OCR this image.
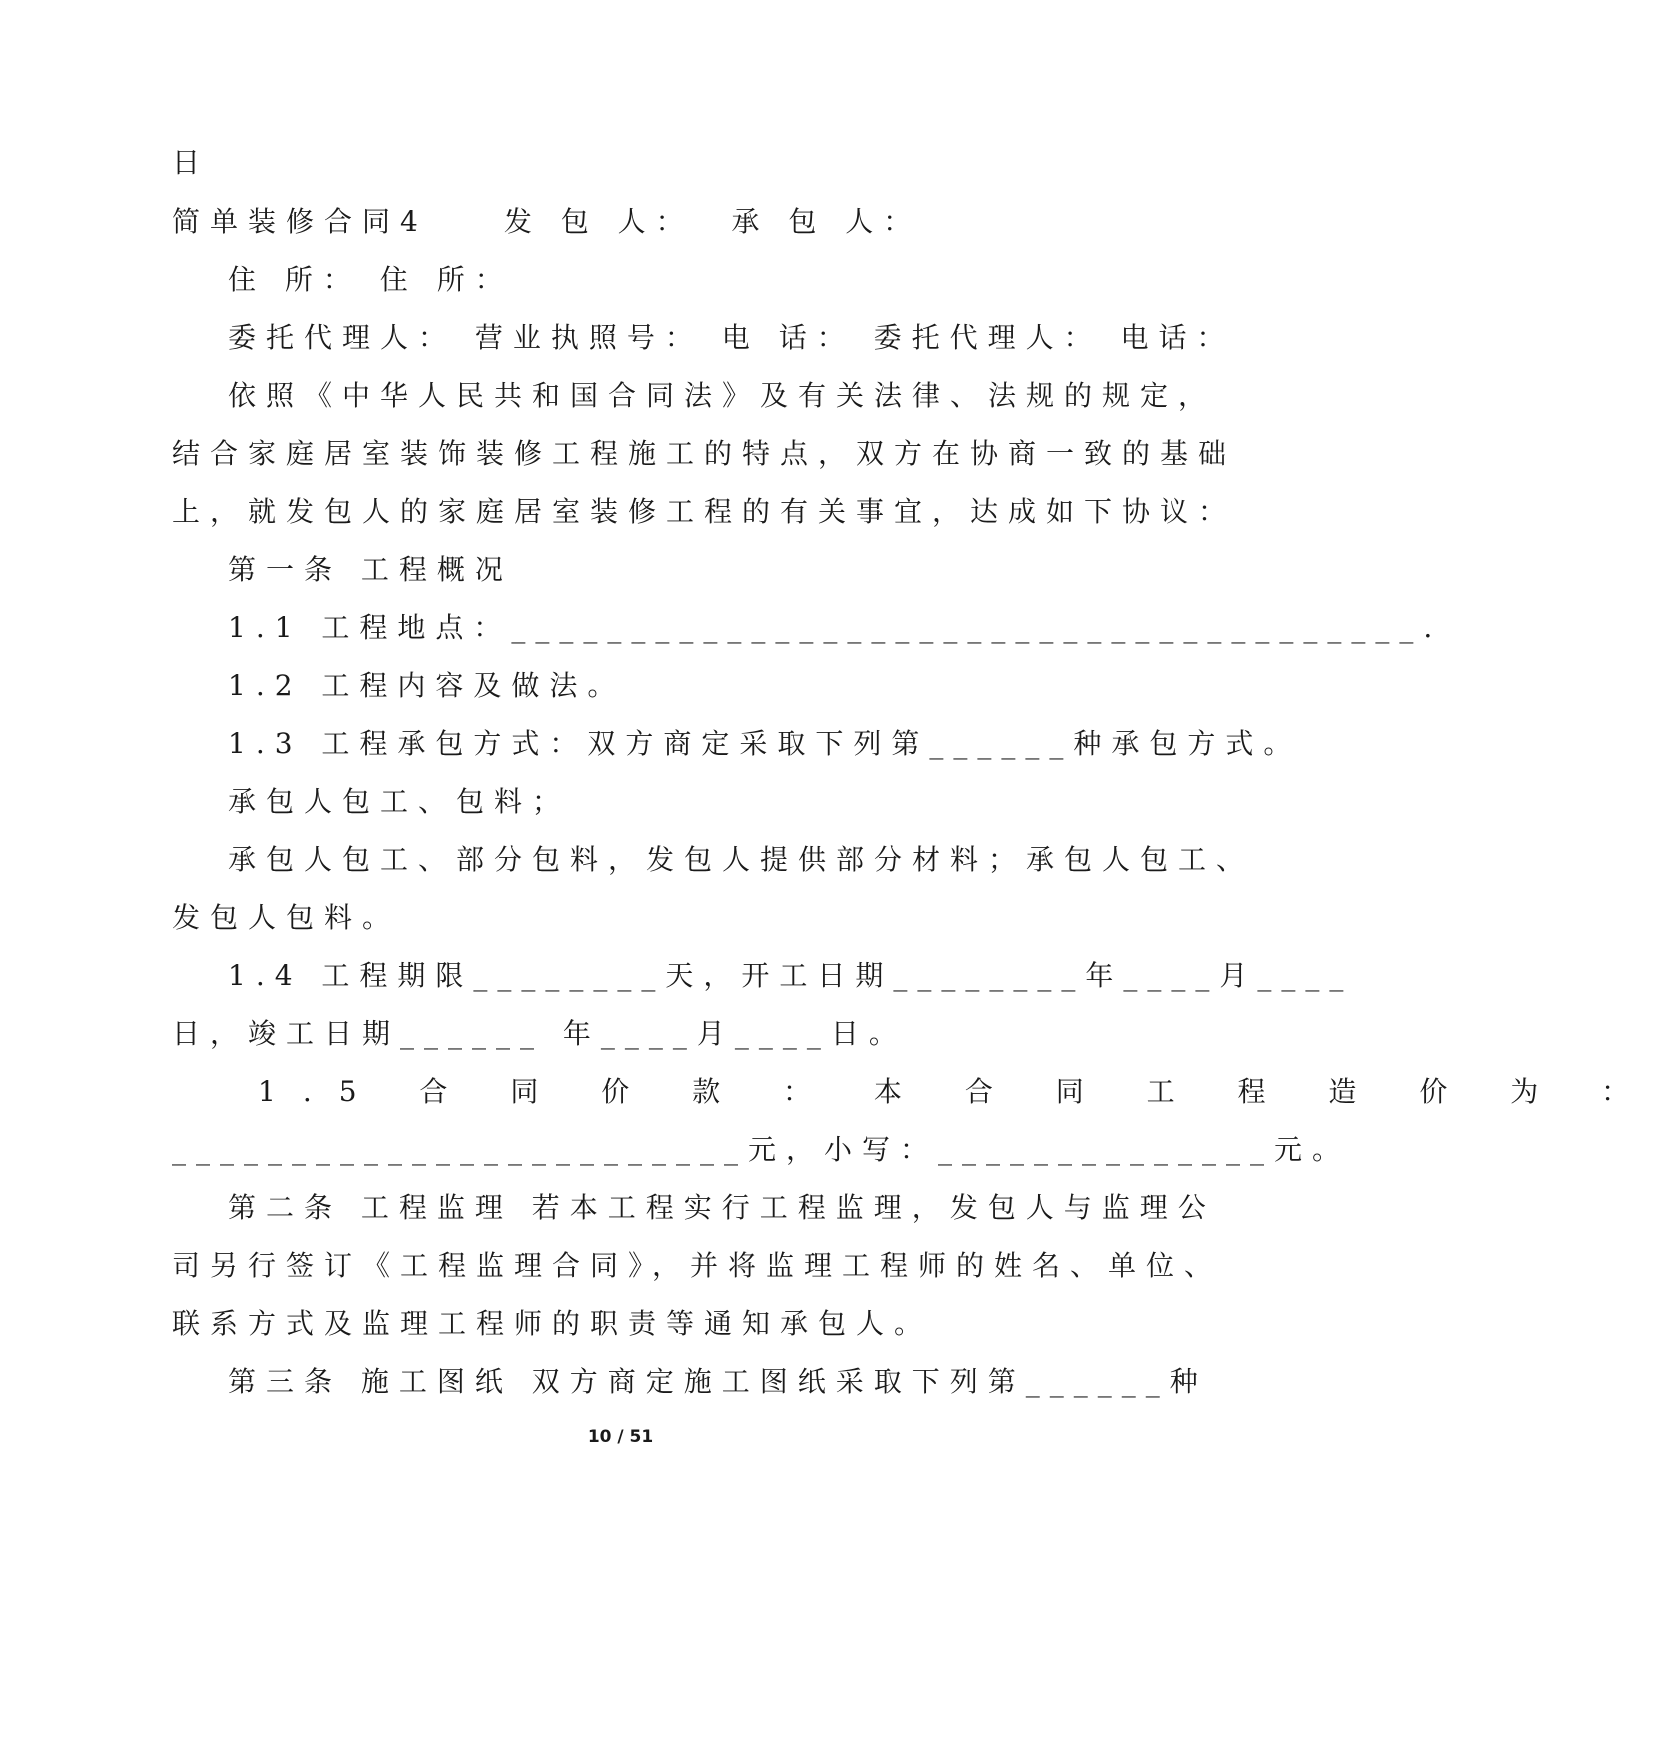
日
简单装修合同4　　发 包 人：  承 包 人：
住 所： 住 所：
委托代理人： 营业执照号： 电 话： 委托代理人： 电话：
依照《中华人民共和国合同法》及有关法律、法规的规定，
结合家庭居室装饰装修工程施工的特点，双方在协商一致的基础
上，就发包人的家庭居室装修工程的有关事宜，达成如下协议：
第一条 工程概况
1.1 工程地点：______________________________________.
1.2 工程内容及做法。
1.3 工程承包方式：双方商定采取下列第______种承包方式。
承包人包工、包料；
承包人包工、部分包料，发包人提供部分材料；承包人包工、
发包人包料。
1.4 工程期限________天，开工日期________年____月____
日，竣工日期______ 年____月____日。
1.5 合 同 价 款 ： 本 合 同 工 程 造 价 为 ：
________________________元，小写：______________元。
第二条 工程监理 若本工程实行工程监理，发包人与监理公
司另行签订《工程监理合同》，并将监理工程师的姓名、单位、
联系方式及监理工程师的职责等通知承包人。
第三条 施工图纸 双方商定施工图纸采取下列第______种
10 / 51
